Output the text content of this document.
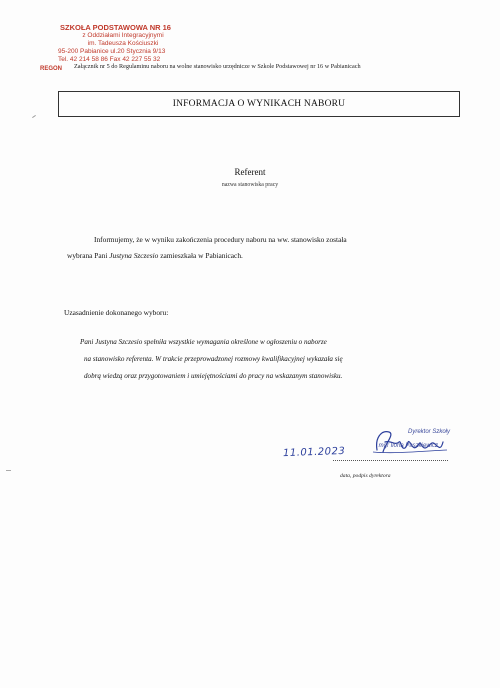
SZKOŁA PODSTAWOWA NR 16
z Oddziałami Integracyjnymi
im. Tadeusza Kościuszki
95-200 Pabianice ul.20 Stycznia 9/13
Tel. 42 214 58 86 Fax 42 227 55 32
REGON Załącznik nr 5 do Regulaminu naboru na wolne stanowisko urzędnicze w Szkole Podstawowej nr 16 w Pabianicach
INFORMACJA O WYNIKACH NABORU
Referent
nazwa stanowiska pracy
Informujemy, że w wyniku zakończenia procedury naboru na ww. stanowisko została
wybrana Pani Justyna Szczesio zamieszkała w Pabianicach.
Uzasadnienie dokonanego wyboru:
Pani Justyna Szczesio spełniła wszystkie wymagania określone w ogłoszeniu o naborze
na stanowisko referenta. W trakcie przeprowadzonej rozmowy kwalifikacyjnej wykazała się
dobrą wiedzą oraz przygotowaniem i umiejętnościami do pracy na wskazanym stanowisku.
11.01.2023
Dyrektor Szkoły
mgr Ilona Paszkiewicz
data, podpis dyrektora
